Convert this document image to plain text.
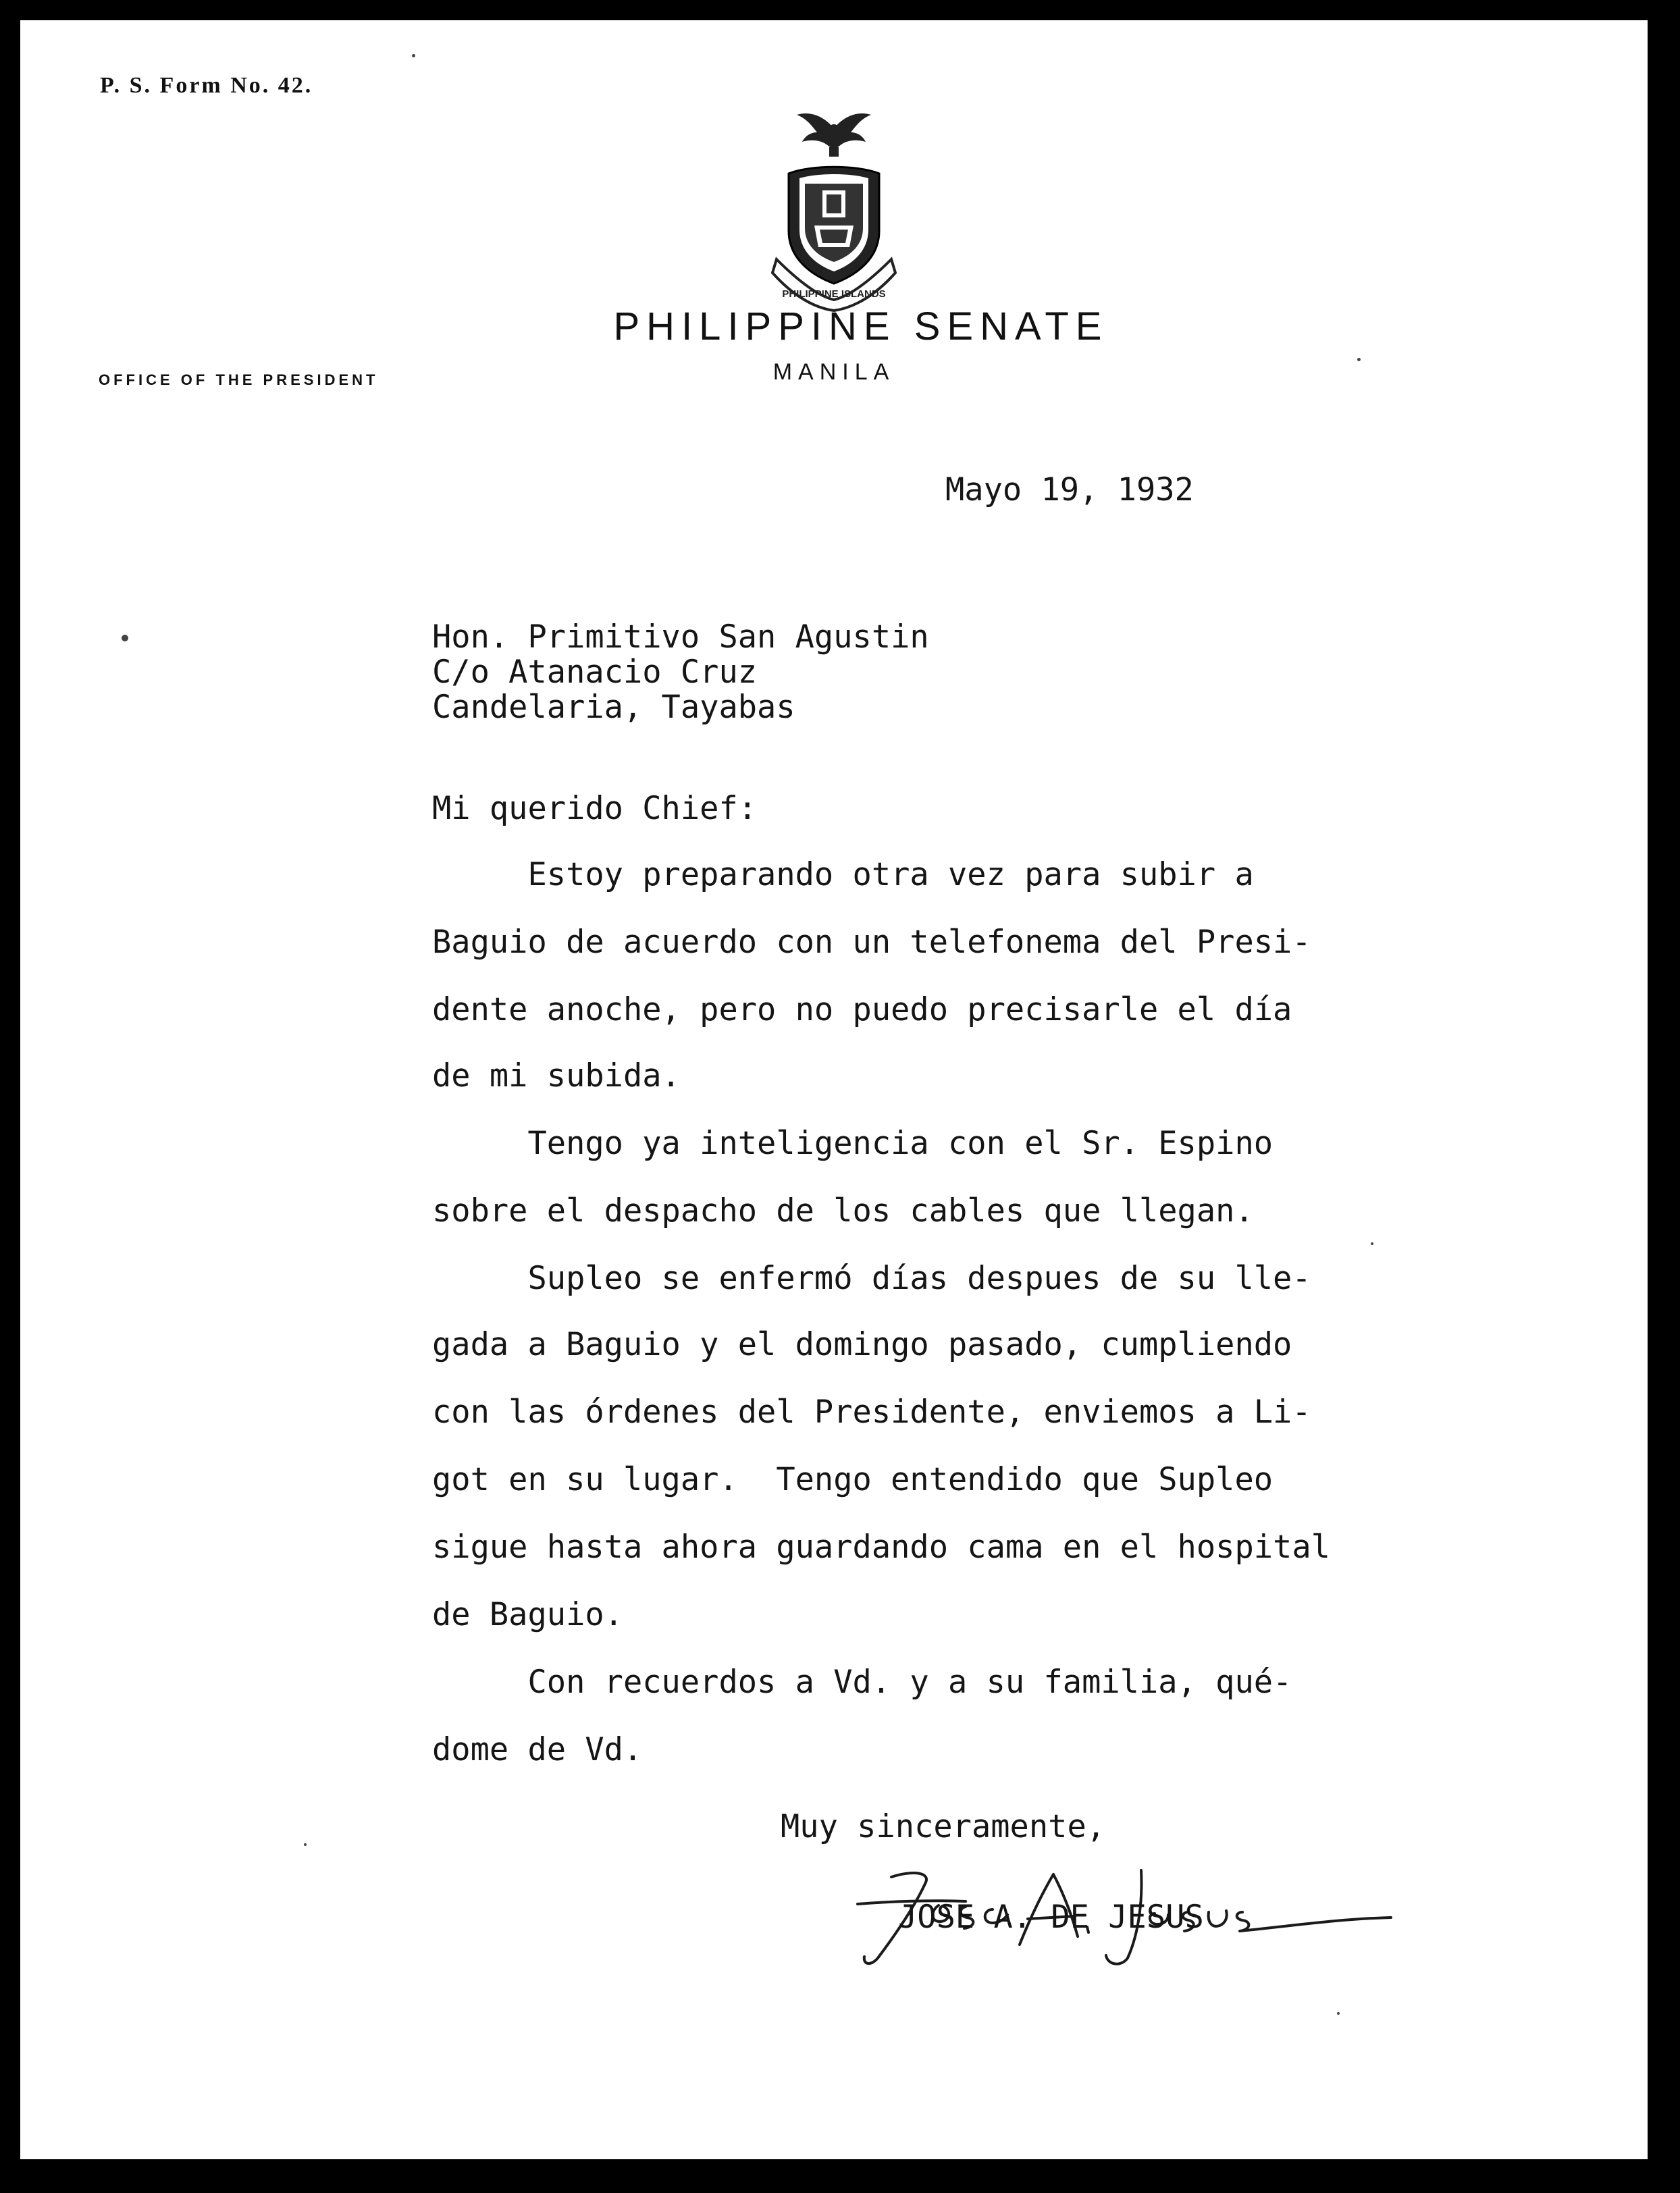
P. S. Form No. 42.
PHILIPPINE ISLANDS
PHILIPPINE SENATE
MANILA
OFFICE OF THE PRESIDENT
Mayo 19, 1932
Hon. Primitivo San Agustin
C/o Atanacio Cruz
Candelaria, Tayabas
Mi querido Chief:
Estoy preparando otra vez para subir a
Baguio de acuerdo con un telefonema del Presi-
dente anoche, pero no puedo precisarle el día
de mi subida.
Tengo ya inteligencia con el Sr. Espino
sobre el despacho de los cables que llegan.
Supleo se enfermó días despues de su lle-
gada a Baguio y el domingo pasado, cumpliendo
con las órdenes del Presidente, enviemos a Li-
got en su lugar.  Tengo entendido que Supleo
sigue hasta ahora guardando cama en el hospital
de Baguio.
Con recuerdos a Vd. y a su familia, qué-
dome de Vd.
Muy sinceramente,
JOSE A. DE JESUS
